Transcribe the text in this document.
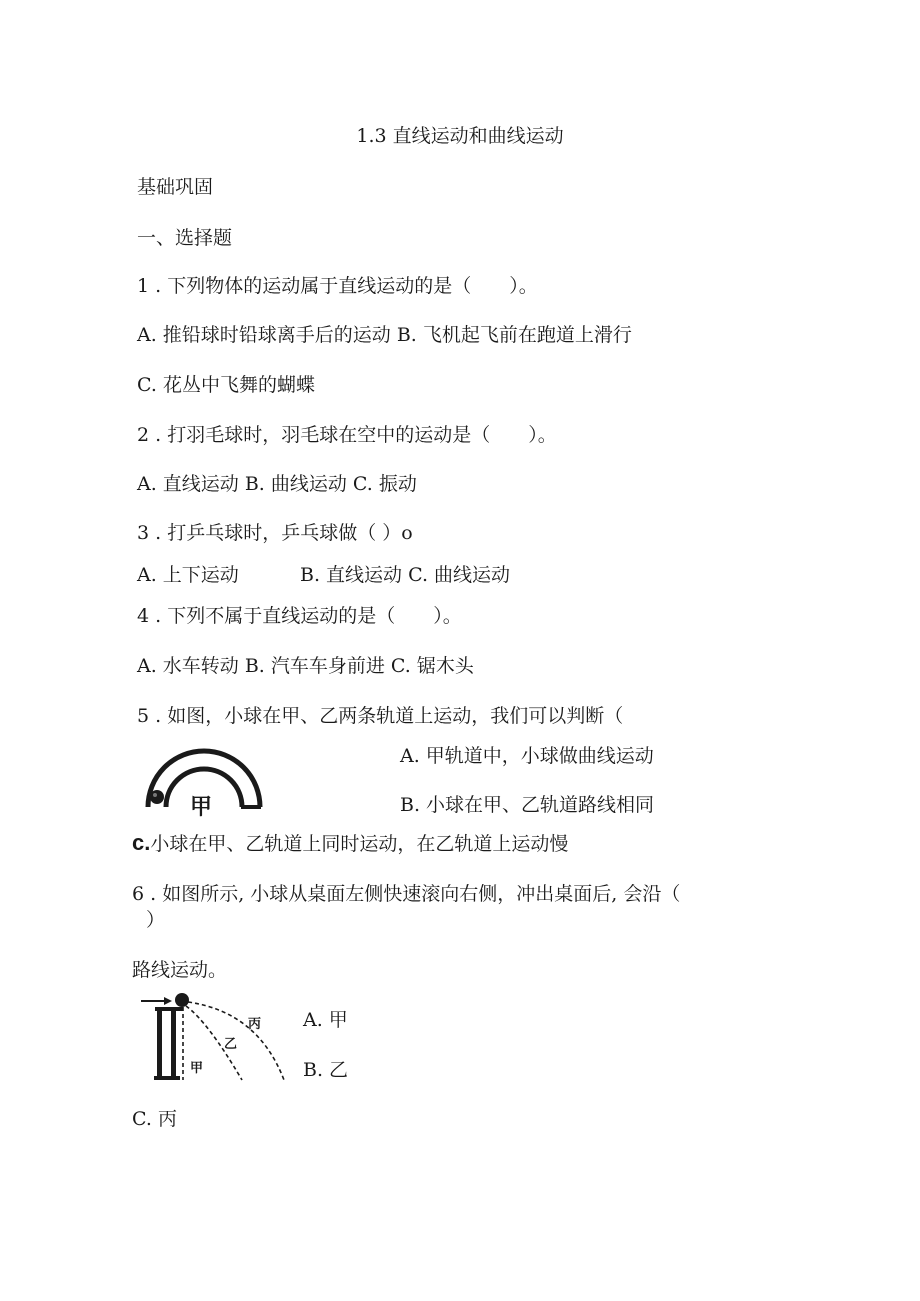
1.3 直线运动和曲线运动
基础巩固
一、选择题
1 . 下列物体的运动属于直线运动的是（　　）。
A. 推铅球时铅球离手后的运动 B. 飞机起飞前在跑道上滑行
C. 花丛中飞舞的蝴蝶
2 . 打羽毛球时，羽毛球在空中的运动是（　　）。
A. 直线运动 B. 曲线运动 C. 振动
3 . 打乒乓球时，乒乓球做（ ）o
A. 上下运动	B. 直线运动 C. 曲线运动
4 . 下列不属于直线运动的是（　　）。
A. 水车转动 B. 汽车车身前进 C. 锯木头
5 . 如图，小球在甲、乙两条轨道上运动，我们可以判断（
甲
A. 甲轨道中，小球做曲线运动
B. 小球在甲、乙轨道路线相同
c.小球在甲、乙轨道上同时运动，在乙轨道上运动慢
6 . 如图所示, 小球从桌面左侧快速滚向右侧，冲出桌面后, 会沿（
）
路线运动。
甲
乙
丙 A. 甲
B. 乙
C. 丙
